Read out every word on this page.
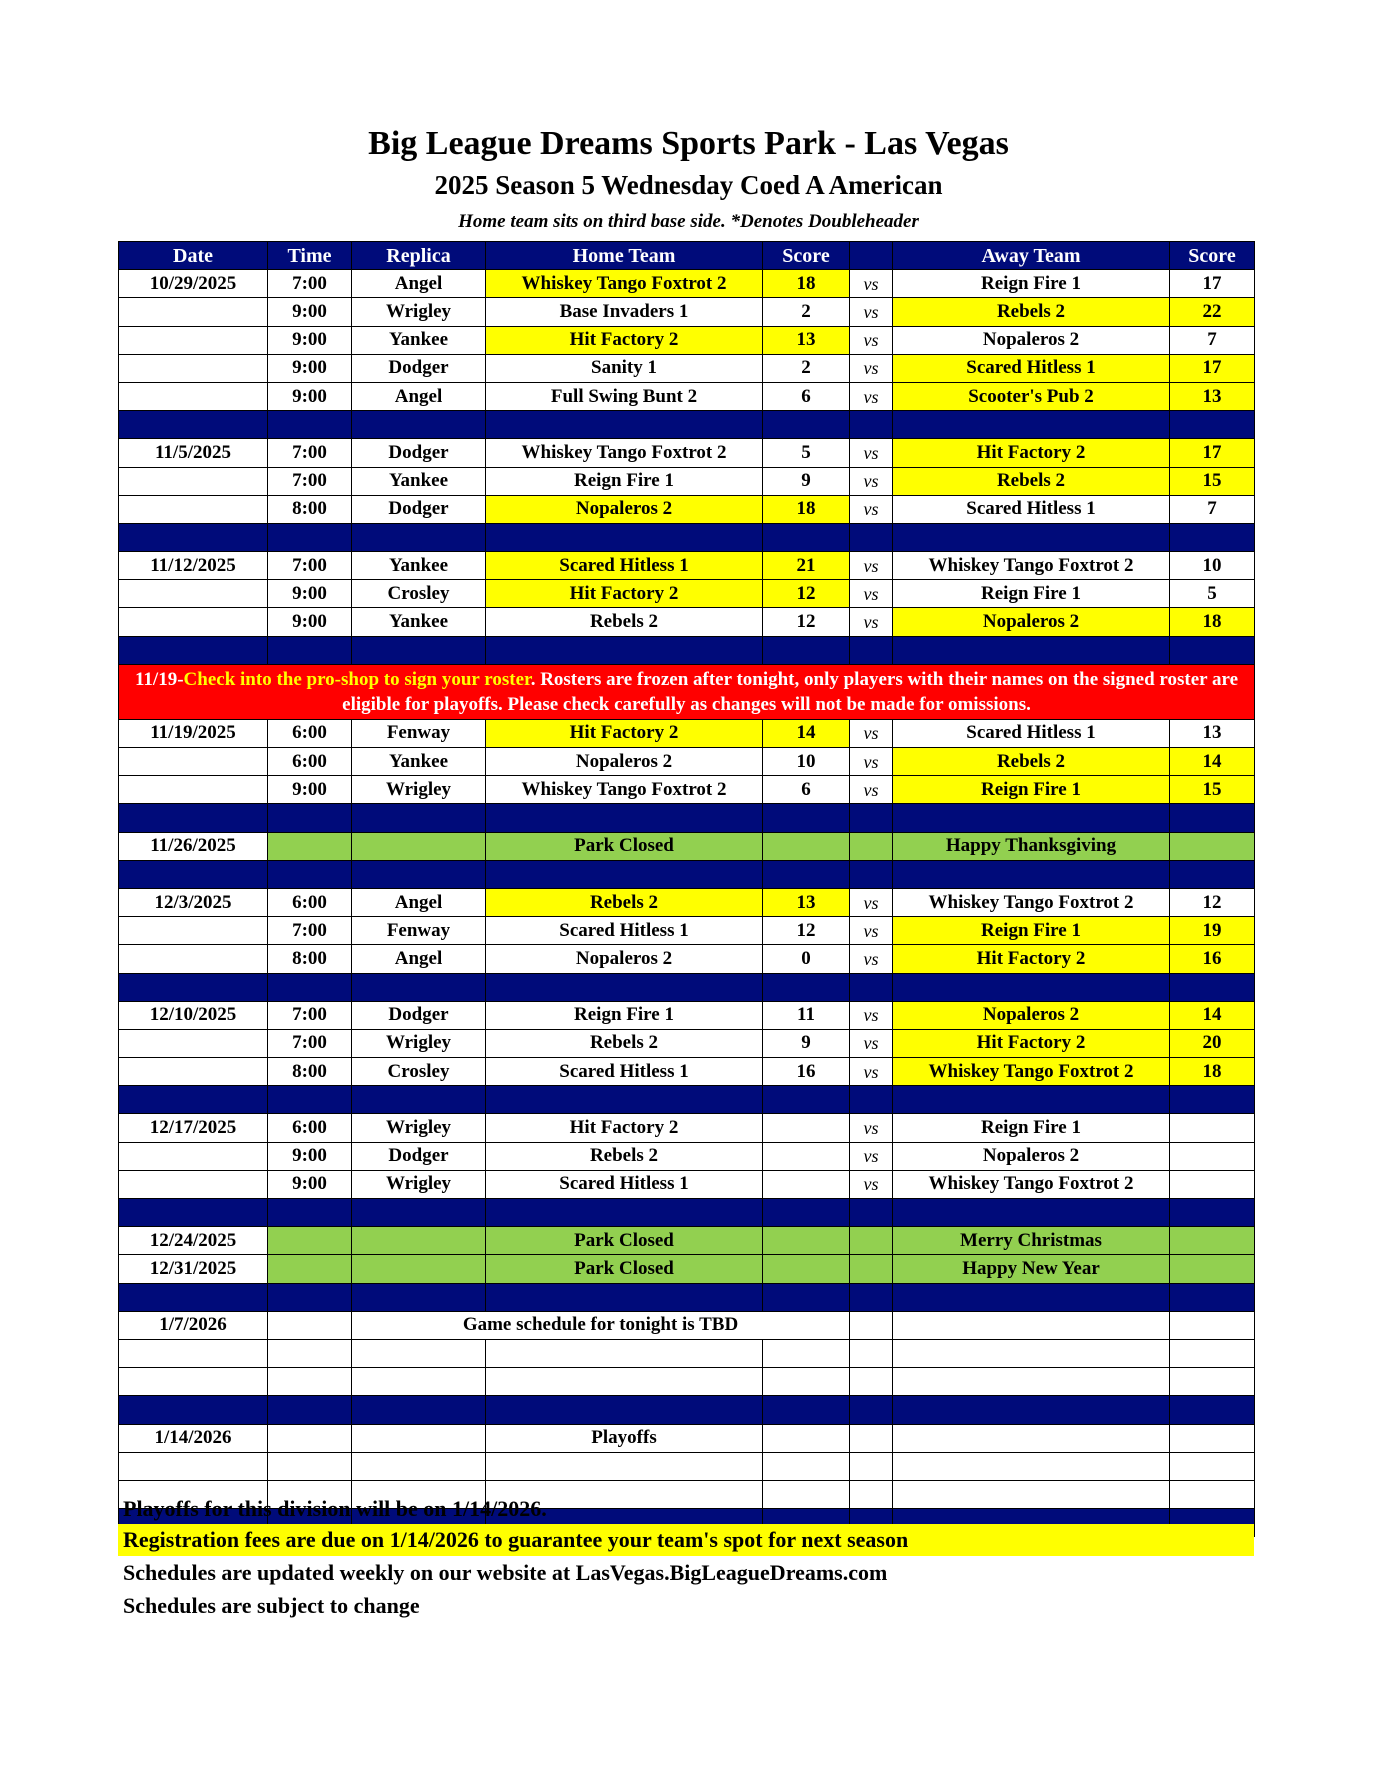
Big League Dreams Sports Park - Las Vegas
2025 Season 5 Wednesday Coed A American
Home team sits on third base side. *Denotes Doubleheader
Date	Time	Replica	Home Team	Score		Away Team	Score
10/29/2025	7:00	Angel	Whiskey Tango Foxtrot 2	18	vs	Reign Fire 1	17
	9:00	Wrigley	Base Invaders 1	2	vs	Rebels 2	22
	9:00	Yankee	Hit Factory 2	13	vs	Nopaleros 2	7
	9:00	Dodger	Sanity 1	2	vs	Scared Hitless 1	17
	9:00	Angel	Full Swing Bunt 2	6	vs	Scooter's Pub 2	13

11/5/2025	7:00	Dodger	Whiskey Tango Foxtrot 2	5	vs	Hit Factory 2	17
	7:00	Yankee	Reign Fire 1	9	vs	Rebels 2	15
	8:00	Dodger	Nopaleros 2	18	vs	Scared Hitless 1	7

11/12/2025	7:00	Yankee	Scared Hitless 1	21	vs	Whiskey Tango Foxtrot 2	10
	9:00	Crosley	Hit Factory 2	12	vs	Reign Fire 1	5
	9:00	Yankee	Rebels 2	12	vs	Nopaleros 2	18

11/19-Check into the pro-shop to sign your roster. Rosters are frozen after tonight, only players with their names on the signed roster are eligible for playoffs. Please check carefully as changes will not be made for omissions.							
11/19/2025	6:00	Fenway	Hit Factory 2	14	vs	Scared Hitless 1	13
	6:00	Yankee	Nopaleros 2	10	vs	Rebels 2	14
	9:00	Wrigley	Whiskey Tango Foxtrot 2	6	vs	Reign Fire 1	15

11/26/2025			Park Closed			Happy Thanksgiving	

12/3/2025	6:00	Angel	Rebels 2	13	vs	Whiskey Tango Foxtrot 2	12
	7:00	Fenway	Scared Hitless 1	12	vs	Reign Fire 1	19
	8:00	Angel	Nopaleros 2	0	vs	Hit Factory 2	16

12/10/2025	7:00	Dodger	Reign Fire 1	11	vs	Nopaleros 2	14
	7:00	Wrigley	Rebels 2	9	vs	Hit Factory 2	20
	8:00	Crosley	Scared Hitless 1	16	vs	Whiskey Tango Foxtrot 2	18

12/17/2025	6:00	Wrigley	Hit Factory 2		vs	Reign Fire 1	
	9:00	Dodger	Rebels 2		vs	Nopaleros 2	
	9:00	Wrigley	Scared Hitless 1		vs	Whiskey Tango Foxtrot 2	

12/24/2025			Park Closed			Merry Christmas	
12/31/2025			Park Closed			Happy New Year	

1/7/2026		Game schedule for tonight is TBD					

1/14/2026			Playoffs				

Playoffs for this division will be on 1/14/2026.
Registration fees are due on 1/14/2026 to guarantee your team's spot for next season
Schedules are updated weekly on our website at LasVegas.BigLeagueDreams.com
Schedules are subject to change
